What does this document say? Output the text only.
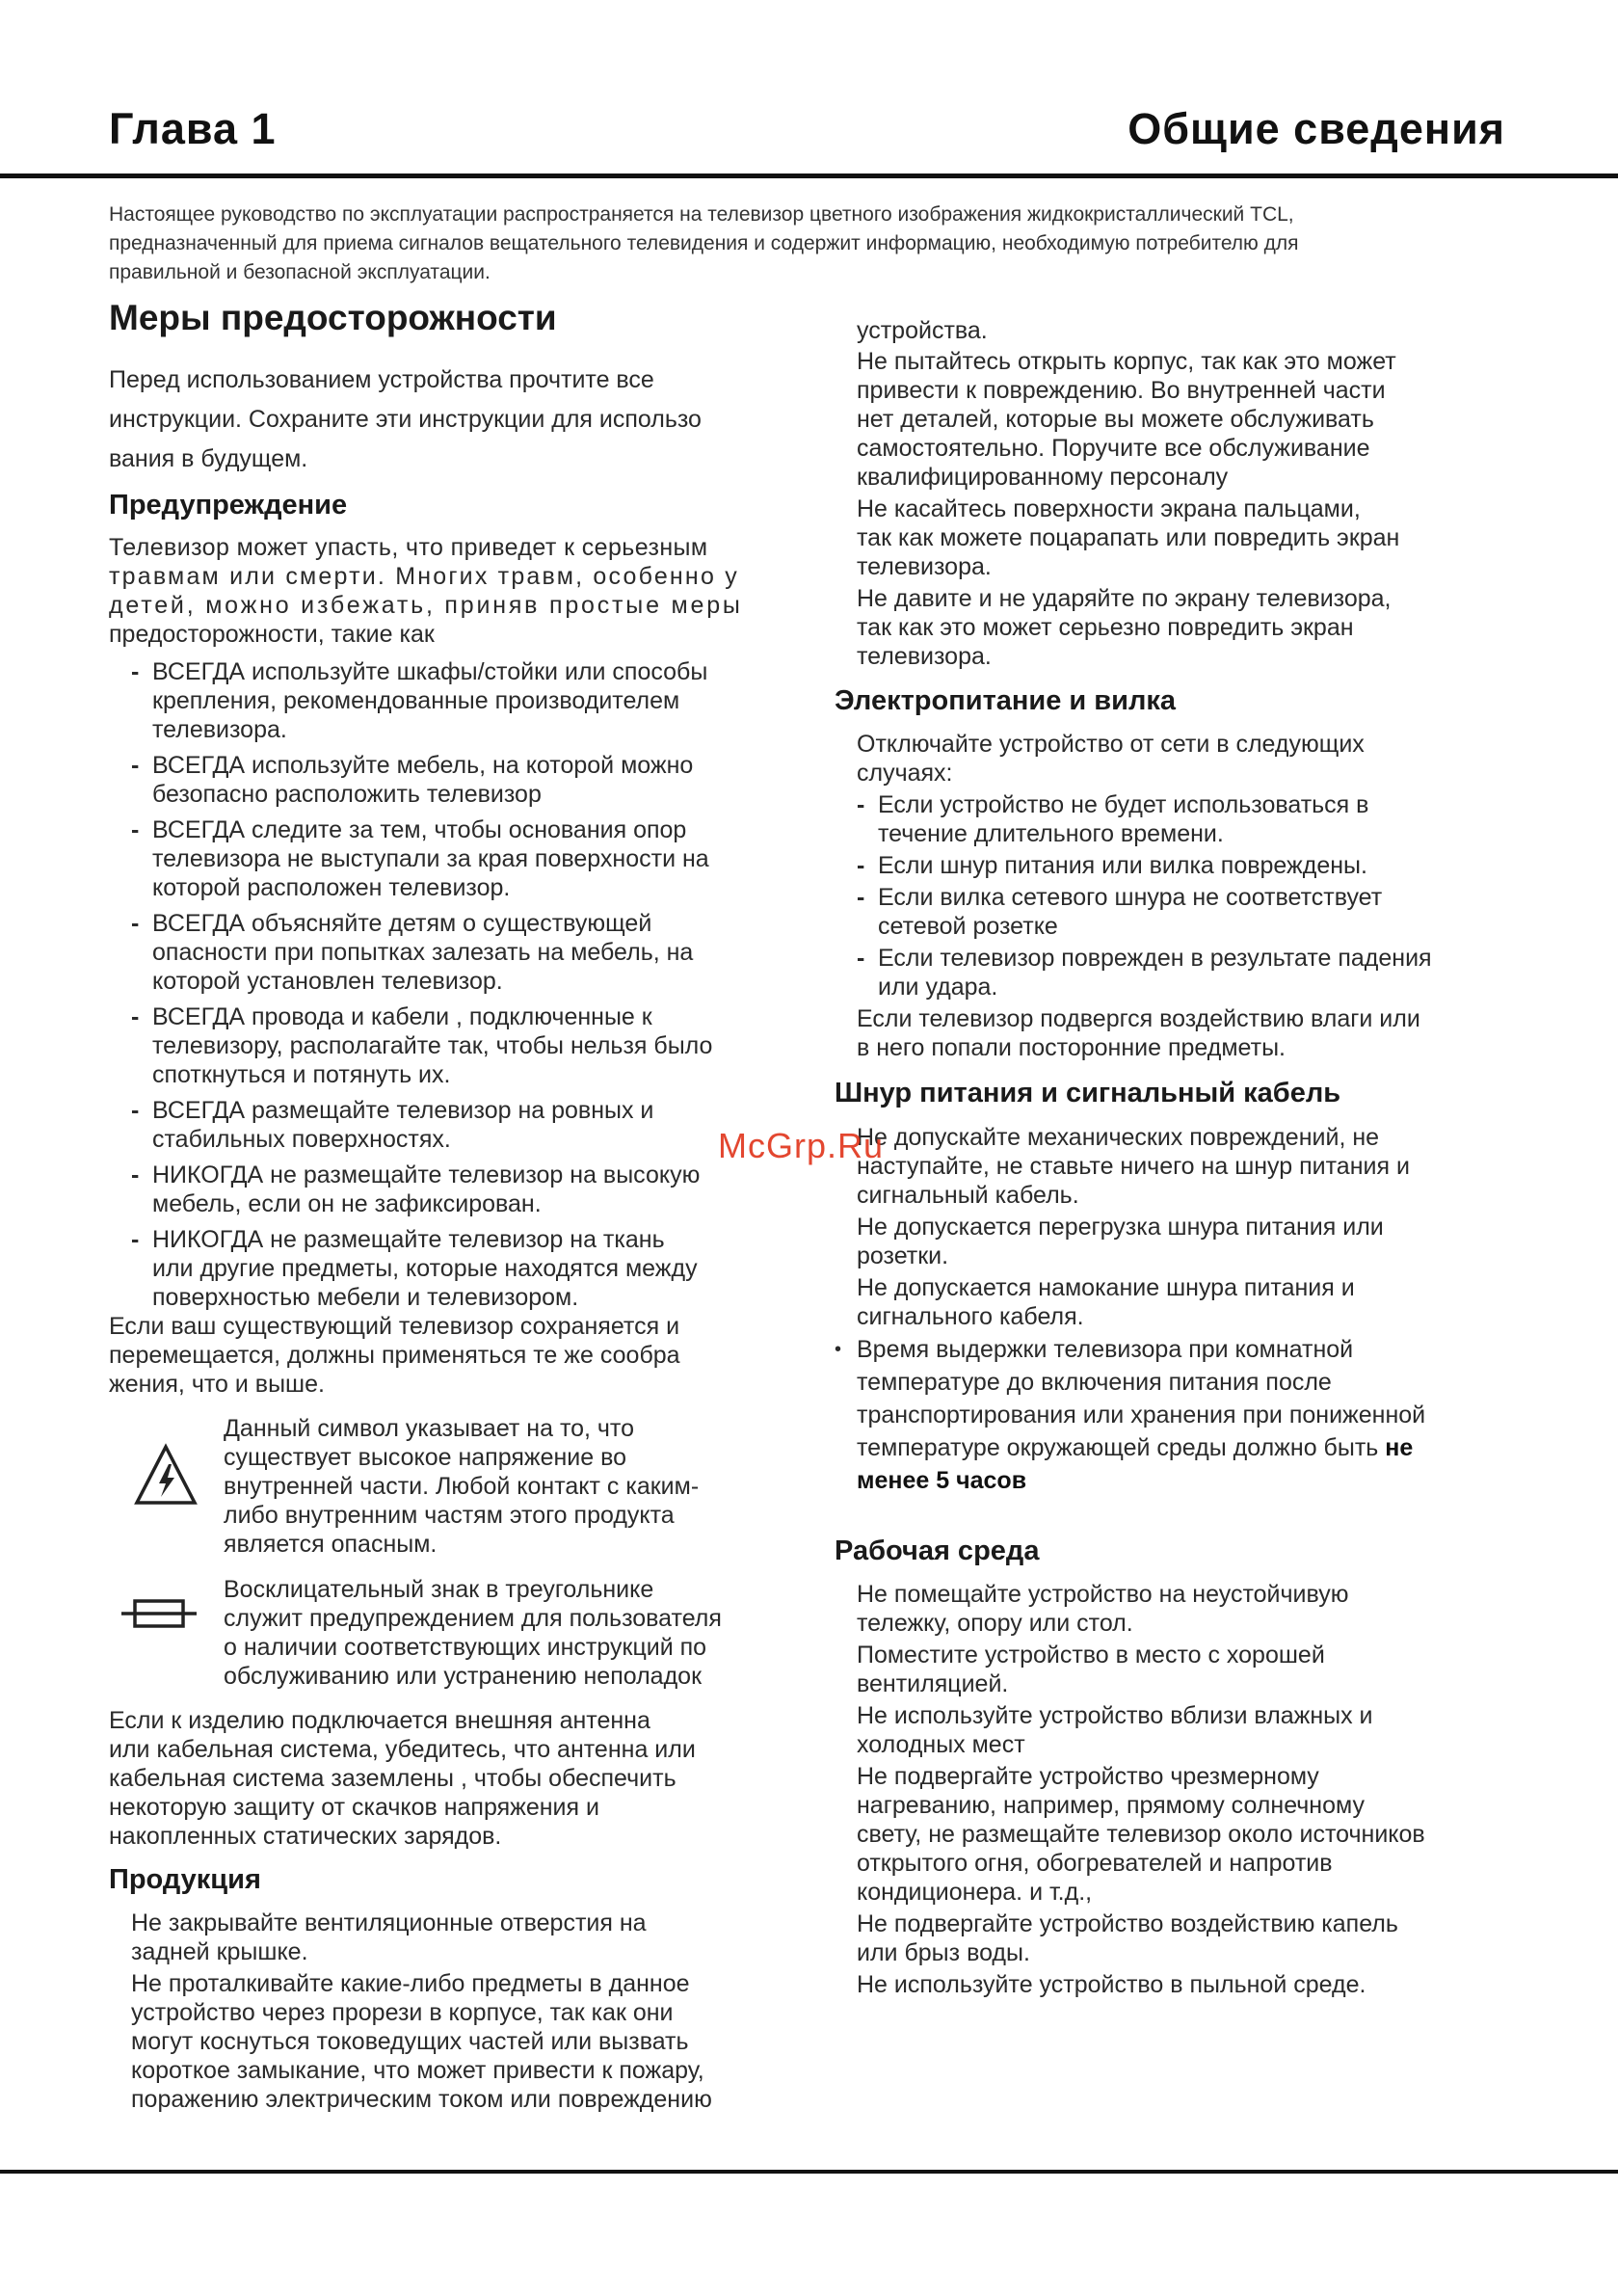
Глава 1	Общие сведения

Настоящее руководство по эксплуатации распространяется на телевизор цветного изображения жидкокристаллический TCL,

предназначенный для приема сигналов вещательного телевидения и содержит информацию, необходимую потребителю для

правильной и безопасной эксплуатации.

Меры предосторожности

Перед использованием устройства прочтите все

инструкции. Сохраните эти инструкции для использо

вания в будущем.

Предупреждение

Телевизор может упасть, что приведет к серьезным

травмам или смерти. Многих травм, особенно у

детей, можно избежать, приняв простые меры

предосторожности, такие как

- ВСЕГДА используйте шкафы/стойки или способы

крепления, рекомендованные производителем

телевизора.

- ВСЕГДА используйте мебель, на которой можно

безопасно расположить телевизор

- ВСЕГДА следите за тем, чтобы основания опор

телевизора не выступали за края поверхности на

которой расположен телевизор.

- ВСЕГДА объясняйте детям о существующей

опасности при попытках залезать на мебель, на

которой установлен телевизор.

- ВСЕГДА провода и кабели , подключенные к

телевизору, располагайте так, чтобы нельзя было

споткнуться и потянуть их.

- ВСЕГДА размещайте телевизор на ровных и

стабильных поверхностях.

- НИКОГДА не размещайте телевизор на высокую

мебель, если он не зафиксирован.

- НИКОГДА не размещайте телевизор на ткань

или другие предметы, которые находятся между

поверхностью мебели и телевизором.

Если ваш существующий телевизор сохраняется и

перемещается, должны применяться те же сообра

жения, что и выше.

Данный символ указывает на то, что

существует высокое напряжение во

внутренней части. Любой контакт с каким-

либо внутренним частям этого продукта

является опасным.

Восклицательный знак в треугольнике

служит предупреждением для пользователя

о наличии соответствующих инструкций по

обслуживанию или устранению неполадок

Если к изделию подключается внешняя антенна

или кабельная система, убедитесь, что антенна или

кабельная система заземлены , чтобы обеспечить

некоторую защиту от скачков напряжения и

накопленных статических зарядов.

Продукция

Не закрывайте вентиляционные отверстия на

задней крышке.

Не проталкивайте какие-либо предметы в данное

устройство через прорези в корпусе, так как они

могут коснуться токоведущих частей или вызвать

короткое замыкание, что может привести к пожару,

поражению электрическим током или повреждению

устройства.

Не пытайтесь открыть корпус, так как это может

привести к повреждению. Во внутренней части

нет деталей, которые вы можете обслуживать

самостоятельно. Поручите все обслуживание

квалифицированному персоналу

Не касайтесь поверхности экрана пальцами,

так как можете поцарапать или повредить экран

телевизора.

Не давите и не ударяйте по экрану телевизора,

так как это может серьезно повредить экран

телевизора.

Электропитание и вилка

Отключайте устройство от сети в следующих

случаях:

- Если устройство не будет использоваться в

течение длительного времени.

- Если шнур питания или вилка повреждены.

- Если вилка сетевого шнура не соответствует

сетевой розетке

- Если телевизор поврежден в результате падения

или удара.

Если телевизор подвергся воздействию влаги или

в него попали посторонние предметы.

Шнур питания и сигнальный кабель

Не допускайте механических повреждений, не

наступайте, не ставьте ничего на шнур питания и

сигнальный кабель.

Не допускается перегрузка шнура питания или

розетки.

Не допускается намокание шнура питания и

сигнального кабеля.

• Время выдержки телевизора при комнатной

температуре до включения питания после

транспортирования или хранения при пониженной

температуре окружающей среды должно быть не

менее 5 часов

Рабочая среда

Не помещайте устройство на неустойчивую

тележку, опору или стол.

Поместите устройство в место с хорошей

вентиляцией.

Не используйте устройство вблизи влажных и

холодных мест

Не подвергайте устройство чрезмерному

нагреванию, например, прямому солнечному

свету, не размещайте телевизор около источников

открытого огня, обогревателей и напротив

кондиционера. и т.д.,

Не подвергайте устройство воздействию капель

или брыз воды.

Не используйте устройство в пыльной среде.

McGrp.Ru
